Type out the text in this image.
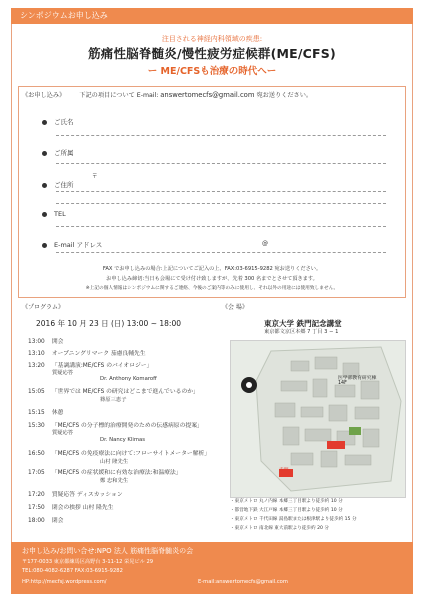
シンポジウムお申し込み
注目される神経内科領域の疾患:
筋痛性脳脊髄炎/慢性疲労症候群(ME/CFS)
ー ME/CFSも治療の時代へー
《お申し込み》 下記の項目について E-mail: answertomecfs@gmail.com 宛お送りください。
ご氏名
ご所属
〒
ご住所
TEL
E-mail アドレス	@
FAX でお申し込みの場合:上記についてご記入の上、FAX:03-6915-9282 宛お送りください。
お申し込み締切:当日も会場にて受け付け致しますが、先着 300 名までとさせて頂きます。
※上記の個人情報はシンポジウムに関するご連絡、今後のご案内等のみに使用し、それ以外の用途には使用致しません。
《プログラム》
2016 年 10 月 23 日 (日) 13:00 ~ 18:00
13:00 開会
13:10 オープニングリマーク 茄慮良輔先生
13:20 「基調講演:ME/CFS のバイオロジー」
質疑応答
Dr. Anthony Komaroff
15:05 「世界では ME/CFS の研究はどこまで進んでいるのか」
篠原三恵子
15:15 休憩
15:30 「ME/CFS の分子標的治療開発のための伝感病原の提案」
質疑応答
Dr. Nancy Klimas
16:50 「ME/CFS の免疫療法に向けて:フローサイトメーター解析」
山村 隆先生
17:05 「ME/CFS の症状緩和に有効な治療法:和温療法」
鄭 忠和先生
17:20 質疑応答 ディスカッション
17:50 閉会の挨拶 山村 隆先生
18:00 閉会
《会 場》
東京大学 鉄門記念講堂
東京都文京区本郷 7 丁目 3 − 1
医学部教育研究棟
14F
赤門
・東京メトロ 丸ノ内線 本郷三丁目駅より徒歩約 10 分
・都営地下鉄 大江戸線 本郷三丁目駅より徒歩約 10 分
・東京メトロ 千代田線 湯島駅または根津駅より徒歩約 15 分
・東京メトロ 南北線 東大前駅より徒歩約 20 分
お申し込み/お問い合せ:NPO 法人 筋痛性脳脊髄炎の会
〒177-0033 東京都練馬区高野台 3-11-12 栄晃ビル 29
TEL:080-4082-6287 FAX:03-6915-9282
HP:http://mecfsj.wordpress.com/	E-mail:answertomecfs@gmail.com
